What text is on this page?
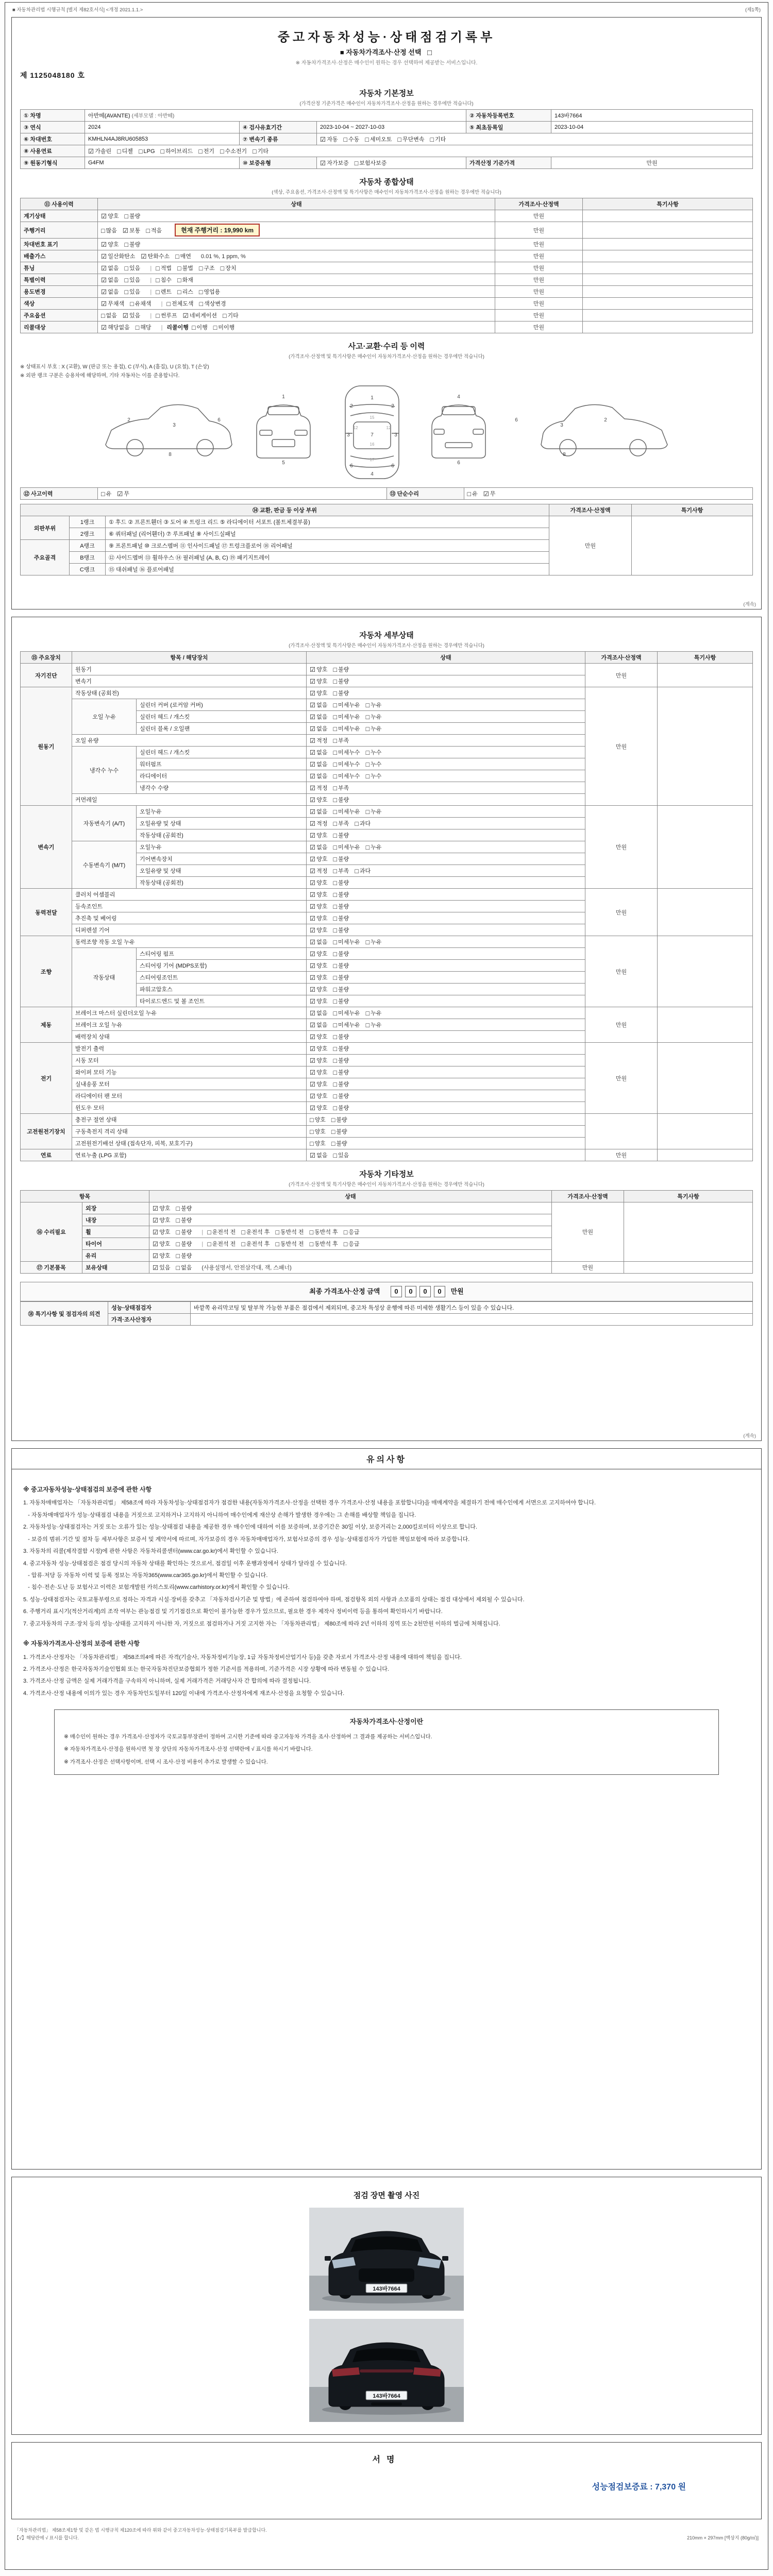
■ 자동차관리법 시행규칙 [별지 제82호서식] <개정 2021.1.1.>	(제1쪽)
중고자동차성능·상태점검기록부
■ 자동차가격조사·산정 선택 □
※ 자동차가격조사·산정은 매수인이 원하는 경우 선택하여 제공받는 서비스입니다.
제 1125048180 호
자동차 기본정보
(가격산정 기준가격은 매수인이 자동차가격조사·산정을 원하는 경우에만 적습니다)
① 차명	아반떼(AVANTE) (세부모델 : 아반떼)			② 자동차등록번호	143바7664
③ 연식	2024	④ 검사유효기간	2023-10-04 ~ 2027-10-03	⑤ 최초등록일	2023-10-04
⑥ 차대번호	KMHLN4AJ8RU605853	⑦ 변속기 종류	☑ 자동 □ 수동 □ 세미오토 □ 무단변속 □ 기타		
⑧ 사용연료	☑ 가솔린 □ 디젤 □ LPG □ 하이브리드 □ 전기 □ 수소전기 □ 기타				
⑨ 원동기형식	G4FM	⑩ 보증유형	☑ 자가보증 □ 보험사보증	가격산정 기준가격	만원
자동차 종합상태
(색상, 주요옵션, 가격조사·산정액 및 특기사항은 매수인이 자동차가격조사·산정을 원하는 경우에만 적습니다)
⑪ 사용이력	상태	가격조사·산정액	특기사항
계기상태	☑ 양호 □ 불량	만원	
주행거리	□ 많음 ☑ 보통 □ 적음 현재 주행거리 : 19,990 km	만원	
차대번호 표기	☑ 양호 □ 불량	만원	
배출가스	☑ 일산화탄소 ☑ 탄화수소 □ 매연 0.01 %, 1 ppm, %	만원	
튜닝	☑ 없음 □ 있음 | □ 적법 □ 불법 □ 구조 □ 장치	만원	
특별이력	☑ 없음 □ 있음 | □ 침수 □ 화재	만원	
용도변경	☑ 없음 □ 있음 | □ 렌트 □ 리스 □ 영업용	만원	
색상	☑ 무채색 □ 유채색 | □ 전체도색 □ 색상변경	만원	
주요옵션	□ 없음 ☑ 있음 | □ 썬루프 ☑ 네비게이션 □ 기타	만원	
리콜대상	☑ 해당없음 □ 해당 | 리콜이행 □ 이행 □ 미이행	만원	
사고·교환·수리 등 이력
(가격조사·산정액 및 특기사항은 매수인이 자동차가격조사·산정을 원하는 경우에만 적습니다)
※ 상태표시 부호 : X (교환), W (판금 또는 용접), C (부식), A (흠집), U (요철), T (손상)
※ 외판 랭크 구분은 승용차에 해당하며, 기타 자동차는 이를 준용합니다.
2
3
6
8
1
5
1
7
4
2	2
3	3
6	6
4
6
2
3
6
8
15
16
17
12	12
⑫ 사고이력	□ 유 ☑ 무	⑬ 단순수리	□ 유 ☑ 무
⑭ 교환, 판금 등 이상 부위			가격조사·산정액	특기사항
외판부위	1랭크	① 후드 ② 프론트휀더 ③ 도어 ④ 트렁크 리드 ⑤ 라디에이터 서포트 (볼트체결부품)	만원	
	2랭크	⑥ 쿼터패널 (리어휀더) ⑦ 루프패널 ⑧ 사이드실패널		
주요골격	A랭크	⑨ 프론트패널 ⑩ 크로스멤버 ⑪ 인사이드패널 ⑰ 트렁크플로어 ⑱ 리어패널		
	B랭크	⑫ 사이드멤버 ⑬ 휠하우스 ⑭ 필러패널 (A, B, C) ⑲ 패키지트레이		
	C랭크	⑮ 대쉬패널 ⑯ 플로어패널		
(계속)
자동차 세부상태
(가격조사·산정액 및 특기사항은 매수인이 자동차가격조사·산정을 원하는 경우에만 적습니다)
⑮ 주요장치	항목 / 해당장치		상태	가격조사·산정액	특기사항
자기진단	원동기		☑ 양호 □ 불량	만원	
	변속기		☑ 양호 □ 불량		
원동기	작동상태 (공회전)		☑ 양호 □ 불량	만원	
	오일 누유	실린더 커버 (로커암 커버)	☑ 없음 □ 미세누유 □ 누유		
		실린더 헤드 / 개스킷	☑ 없음 □ 미세누유 □ 누유		
		실린더 블록 / 오일팬	☑ 없음 □ 미세누유 □ 누유		
	오일 유량		☑ 적정 □ 부족		
	냉각수 누수	실린더 헤드 / 개스킷	☑ 없음 □ 미세누수 □ 누수		
		워터펌프	☑ 없음 □ 미세누수 □ 누수		
		라디에이터	☑ 없음 □ 미세누수 □ 누수		
		냉각수 수량	☑ 적정 □ 부족		
	커먼레일		☑ 양호 □ 불량		
변속기	자동변속기 (A/T)	오일누유	☑ 없음 □ 미세누유 □ 누유	만원	
		오일유량 및 상태	☑ 적정 □ 부족 □ 과다		
		작동상태 (공회전)	☑ 양호 □ 불량		
	수동변속기 (M/T)	오일누유	☑ 없음 □ 미세누유 □ 누유		
		기어변속장치	☑ 양호 □ 불량		
		오일유량 및 상태	☑ 적정 □ 부족 □ 과다		
		작동상태 (공회전)	☑ 양호 □ 불량		
동력전달	클러치 어셈블리		☑ 양호 □ 불량	만원	
	등속조인트		☑ 양호 □ 불량		
	추진축 및 베어링		☑ 양호 □ 불량		
	디퍼렌셜 기어		☑ 양호 □ 불량		
조향	동력조향 작동 오일 누유		☑ 없음 □ 미세누유 □ 누유	만원	
	작동상태	스티어링 펌프	☑ 양호 □ 불량		
		스티어링 기어 (MDPS포함)	☑ 양호 □ 불량		
		스티어링조인트	☑ 양호 □ 불량		
		파워고압호스	☑ 양호 □ 불량		
		타이로드엔드 및 볼 조인트	☑ 양호 □ 불량		
제동	브레이크 마스터 실린더오일 누유		☑ 없음 □ 미세누유 □ 누유	만원	
	브레이크 오일 누유		☑ 없음 □ 미세누유 □ 누유		
	배력장치 상태		☑ 양호 □ 불량		
전기	발전기 출력		☑ 양호 □ 불량	만원	
	시동 모터		☑ 양호 □ 불량		
	와이퍼 모터 기능		☑ 양호 □ 불량		
	실내송풍 모터		☑ 양호 □ 불량		
	라디에이터 팬 모터		☑ 양호 □ 불량		
	윈도우 모터		☑ 양호 □ 불량		
고전원전기장치	충전구 절연 상태		□ 양호 □ 불량		
	구동축전지 격리 상태		□ 양호 □ 불량		
	고전원전기배선 상태 (접속단자, 피복, 보호기구)		□ 양호 □ 불량		
연료	연료누출 (LPG 포함)		☑ 없음 □ 있음	만원	
자동차 기타정보
(가격조사·산정액 및 특기사항은 매수인이 자동차가격조사·산정을 원하는 경우에만 적습니다)
항목		상태	가격조사·산정액	특기사항
⑯ 수리필요	외장	☑ 양호 □ 불량	만원	
	내장	☑ 양호 □ 불량		
	휠	☑ 양호 □ 불량 | □ 운전석 전 □ 운전석 후 □ 동반석 전 □ 동반석 후 □ 응급		
	타이어	☑ 양호 □ 불량 | □ 운전석 전 □ 운전석 후 □ 동반석 전 □ 동반석 후 □ 응급		
	유리	☑ 양호 □ 불량		
⑰ 기본품목	보유상태	☑ 있음 □ 없음 (사용설명서, 안전삼각대, 잭, 스패너)	만원	
최종 가격조사·산정 금액 0 0 0 0 만원
⑱ 특기사항 및 점검자의 의견	성능·상태점검자	바깥쪽 유리막코팅 및 탈부착 가능한 부품은 점검에서 제외되며, 중고차 특성상 운행에 따른 미세한 생활기스 등이 있을 수 있습니다.
	가격·조사산정자	
(계속)
유의사항
※ 중고자동차성능·상태점검의 보증에 관한 사항
1. 자동차매매업자는 「자동차관리법」 제58조에 따라 자동차성능·상태점검자가 점검한 내용(자동차가격조사·산정을 선택한 경우 가격조사·산정 내용을 포함합니다)을 매매계약을 체결하기 전에 매수인에게 서면으로 고지하여야 합니다.
- 자동차매매업자가 성능·상태점검 내용을 거짓으로 고지하거나 고지하지 아니하여 매수인에게 재산상 손해가 발생한 경우에는 그 손해를 배상할 책임을 집니다.
2. 자동차성능·상태점검자는 거짓 또는 오류가 있는 성능·상태점검 내용을 제공한 경우 매수인에 대하여 이를 보증하며, 보증기간은 30일 이상, 보증거리는 2,000킬로미터 이상으로 합니다.
- 보증의 범위·기간 및 절차 등 세부사항은 보증서 및 계약서에 따르며, 자가보증의 경우 자동차매매업자가, 보험사보증의 경우 성능·상태점검자가 가입한 책임보험에 따라 보증합니다.
3. 자동차의 리콜(제작결함 시정)에 관한 사항은 자동차리콜센터(www.car.go.kr)에서 확인할 수 있습니다.
4. 중고자동차 성능·상태점검은 점검 당시의 자동차 상태를 확인하는 것으로서, 점검일 이후 운행과정에서 상태가 달라질 수 있습니다.
- 압류·저당 등 자동차 이력 및 등록 정보는 자동차365(www.car365.go.kr)에서 확인할 수 있습니다.
- 침수·전손·도난 등 보험사고 이력은 보험개발원 카히스토리(www.carhistory.or.kr)에서 확인할 수 있습니다.
5. 성능·상태점검자는 국토교통부령으로 정하는 자격과 시설·장비를 갖추고 「자동차검사기준 및 방법」에 준하여 점검하여야 하며, 점검항목 외의 사항과 소모품의 상태는 점검 대상에서 제외될 수 있습니다.
6. 주행거리 표시기(적산거리계)의 조작 여부는 관능점검 및 기기점검으로 확인이 불가능한 경우가 있으므로, 필요한 경우 제작사 정비이력 등을 통하여 확인하시기 바랍니다.
7. 중고자동차의 구조·장치 등의 성능·상태를 고지하지 아니한 자, 거짓으로 점검하거나 거짓 고지한 자는 「자동차관리법」 제80조에 따라 2년 이하의 징역 또는 2천만원 이하의 벌금에 처해집니다.
※ 자동차가격조사·산정의 보증에 관한 사항
1. 가격조사·산정자는 「자동차관리법」 제58조의4에 따른 자격(기술사, 자동차정비기능장, 1급 자동차정비산업기사 등)을 갖춘 자로서 가격조사·산정 내용에 대하여 책임을 집니다.
2. 가격조사·산정은 한국자동차기술인협회 또는 한국자동차진단보증협회가 정한 기준서를 적용하며, 기준가격은 시장 상황에 따라 변동될 수 있습니다.
3. 가격조사·산정 금액은 실제 거래가격을 구속하지 아니하며, 실제 거래가격은 거래당사자 간 합의에 따라 결정됩니다.
4. 가격조사·산정 내용에 이의가 있는 경우 자동차인도일부터 120일 이내에 가격조사·산정자에게 재조사·산정을 요청할 수 있습니다.
자동차가격조사·산정이란
※ 매수인이 원하는 경우 가격조사·산정자가 국토교통부장관이 정하여 고시한 기준에 따라 중고자동차 가격을 조사·산정하여 그 결과를 제공하는 서비스입니다.
※ 자동차가격조사·산정을 원하시면 첫 장 상단의 자동차가격조사·산정 선택란에 √ 표시를 하시기 바랍니다.
※ 가격조사·산정은 선택사항이며, 선택 시 조사·산정 비용이 추가로 발생할 수 있습니다.
점검 장면 촬영 사진
143바7664
143바7664
서명
성능점검보증료 : 7,370 원
「자동차관리법」 제58조제1항 및 같은 법 시행규칙 제120조에 따라 위와 같이 중고자동차성능·상태점검기록부를 발급합니다.
【√】해당란에 √ 표시를 합니다.	210mm × 297mm [백상지 (80g/㎡)]
